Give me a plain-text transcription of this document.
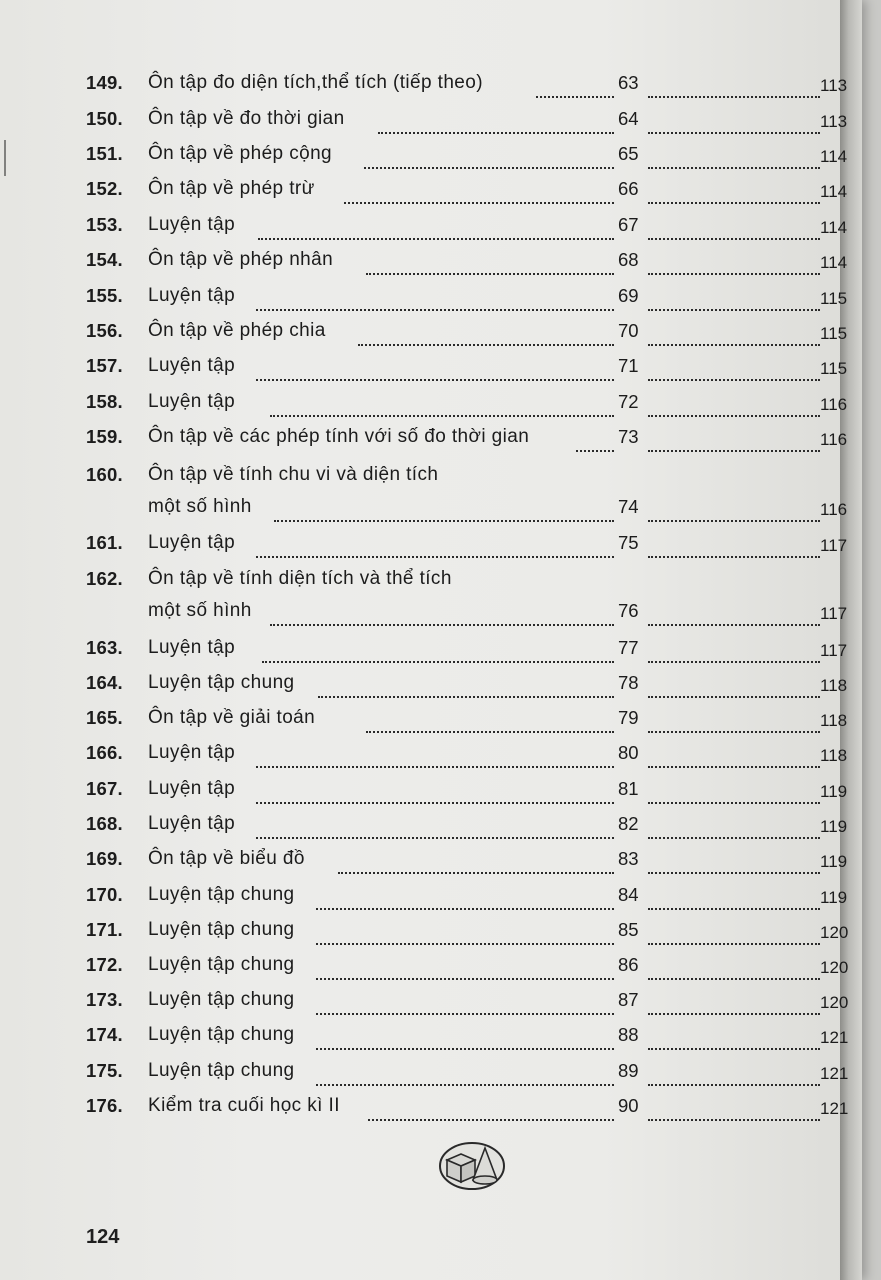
149. Ôn tập đo diện tích,thể tích (tiếp theo)	63	113
150. Ôn tập về đo thời gian	64	113
151. Ôn tập về phép cộng	65	114
152. Ôn tập về phép trừ	66	114
153. Luyện tập	67	114
154. Ôn tập về phép nhân	68	114
155. Luyện tập	69	115
156. Ôn tập về phép chia	70	115
157. Luyện tập	71	115
158. Luyện tập	72	116
159. Ôn tập về các phép tính với số đo thời gian	73	116
160. Ôn tập về tính chu vi và diện tích
một số hình	74	116
161. Luyện tập	75	117
162. Ôn tập về tính diện tích và thể tích
một số hình	76	117
163. Luyện tập	77	117
164. Luyện tập chung	78	118
165. Ôn tập về giải toán	79	118
166. Luyện tập	80	118
167. Luyện tập	81	119
168. Luyện tập	82	119
169. Ôn tập về biểu đồ	83	119
170. Luyện tập chung	84	119
171. Luyện tập chung	85	120
172. Luyện tập chung	86	120
173. Luyện tập chung	87	120
174. Luyện tập chung	88	121
175. Luyện tập chung	89	121
176. Kiểm tra cuối học kì II	90	121
124
